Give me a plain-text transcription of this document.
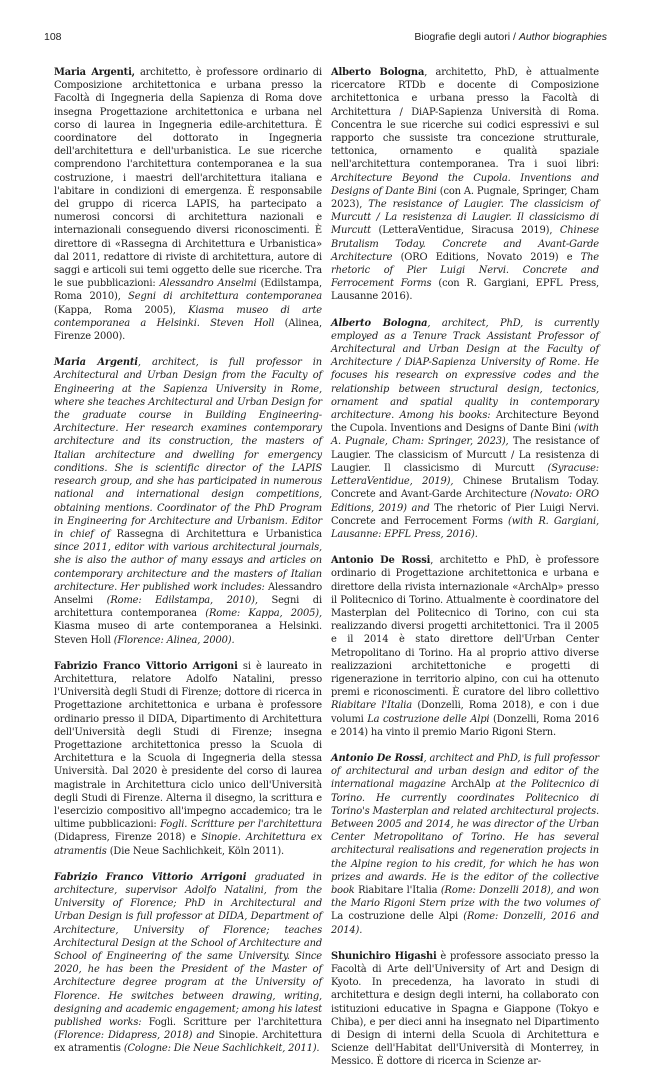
108	Biografie degli autori / Author biographies

Maria Argenti, architetto, è professore ordinario di Composizione architettonica e urbana presso la Facoltà di Ingegneria della Sapienza di Roma dove insegna Progettazione architettonica e urbana nel corso di laurea in Ingegneria edile-architettura. È coordinatore del dottorato in Ingegneria dell'architettura e dell'urbanistica. Le sue ricerche comprendono l'architettura contemporanea e la sua costruzione, i maestri dell'architettura italiana e l'abitare in condizioni di emergenza. È responsabile del gruppo di ricerca LAPIS, ha partecipato a numerosi concorsi di architettura nazionali e internazionali conseguendo diversi riconoscimenti. È direttore di «Rassegna di Architettura e Urbanistica» dal 2011, redattore di riviste di architettura, autore di saggi e articoli sui temi oggetto delle sue ricerche. Tra le sue pubblicazioni: Alessandro Anselmi (Edilstampa, Roma 2010), Segni di architettura contemporanea (Kappa, Roma 2005), Kiasma museo di arte contemporanea a Helsinki. Steven Holl (Alinea, Firenze 2000).

Maria Argenti, architect, is full professor in Architectural and Urban Design from the Faculty of Engineering at the Sapienza University in Rome, where she teaches Architectural and Urban Design for the graduate course in Building Engineering-Architecture. Her research examines contemporary architecture and its construction, the masters of Italian architecture and dwelling for emergency conditions. She is scientific director of the LAPIS research group, and she has participated in numerous national and international design competitions, obtaining mentions. Coordinator of the PhD Program in Engineering for Architecture and Urbanism. Editor in chief of Rassegna di Architettura e Urbanistica since 2011, editor with various architectural journals, she is also the author of many essays and articles on contemporary architecture and the masters of Italian architecture. Her published work includes: Alessandro Anselmi (Rome: Edilstampa, 2010), Segni di architettura contemporanea (Rome: Kappa, 2005), Kiasma museo di arte contemporanea a Helsinki. Steven Holl (Florence: Alinea, 2000).

Fabrizio Franco Vittorio Arrigoni si è laureato in Architettura, relatore Adolfo Natalini, presso l'Università degli Studi di Firenze; dottore di ricerca in Progettazione architettonica e urbana è professore ordinario presso il DIDA, Dipartimento di Architettura dell'Università degli Studi di Firenze; insegna Progettazione architettonica presso la Scuola di Architettura e la Scuola di Ingegneria della stessa Università. Dal 2020 è presidente del corso di laurea magistrale in Architettura ciclo unico dell'Università degli Studi di Firenze. Alterna il disegno, la scrittura e l'esercizio compositivo all'impegno accademico; tra le ultime pubblicazioni: Fogli. Scritture per l'architettura (Didapress, Firenze 2018) e Sinopie. Architettura ex atramentis (Die Neue Sachlichkeit, Köln 2011).

Fabrizio Franco Vittorio Arrigoni graduated in architecture, supervisor Adolfo Natalini, from the University of Florence; PhD in Architectural and Urban Design is full professor at DIDA, Department of Architecture, University of Florence; teaches Architectural Design at the School of Architecture and School of Engineering of the same University. Since 2020, he has been the President of the Master of Architecture degree program at the University of Florence. He switches between drawing, writing, designing and academic engagement; among his latest published works: Fogli. Scritture per l'architettura (Florence: Didapress, 2018) and Sinopie. Architettura ex atramentis (Cologne: Die Neue Sachlichkeit, 2011).

Alberto Bologna, architetto, PhD, è attualmente ricercatore RTDb e docente di Composizione architettonica e urbana presso la Facoltà di Architettura / DiAP-Sapienza Università di Roma. Concentra le sue ricerche sui codici espressivi e sul rapporto che sussiste tra concezione strutturale, tettonica, ornamento e qualità spaziale nell'architettura contemporanea. Tra i suoi libri: Architecture Beyond the Cupola. Inventions and Designs of Dante Bini (con A. Pugnale, Springer, Cham 2023), The resistance of Laugier. The classicism of Murcutt / La resistenza di Laugier. Il classicismo di Murcutt (LetteraVentidue, Siracusa 2019), Chinese Brutalism Today. Concrete and Avant-Garde Architecture (ORO Editions, Novato 2019) e The rhetoric of Pier Luigi Nervi. Concrete and Ferrocement Forms (con R. Gargiani, EPFL Press, Lausanne 2016).

Alberto Bologna, architect, PhD, is currently employed as a Tenure Track Assistant Professor of Architectural and Urban Design at the Faculty of Architecture / DiAP-Sapienza University of Rome. He focuses his research on expressive codes and the relationship between structural design, tectonics, ornament and spatial quality in contemporary architecture. Among his books: Architecture Beyond the Cupola. Inventions and Designs of Dante Bini (with A. Pugnale, Cham: Springer, 2023), The resistance of Laugier. The classicism of Murcutt / La resistenza di Laugier. Il classicismo di Murcutt (Syracuse: LetteraVentidue, 2019), Chinese Brutalism Today. Concrete and Avant-Garde Architecture (Novato: ORO Editions, 2019) and The rhetoric of Pier Luigi Nervi. Concrete and Ferrocement Forms (with R. Gargiani, Lausanne: EPFL Press, 2016).

Antonio De Rossi, architetto e PhD, è professore ordinario di Progettazione architettonica e urbana e direttore della rivista internazionale «ArchAlp» presso il Politecnico di Torino. Attualmente è coordinatore del Masterplan del Politecnico di Torino, con cui sta realizzando diversi progetti architettonici. Tra il 2005 e il 2014 è stato direttore dell'Urban Center Metropolitano di Torino. Ha al proprio attivo diverse realizzazioni architettoniche e progetti di rigenerazione in territorio alpino, con cui ha ottenuto premi e riconoscimenti. È curatore del libro collettivo Riabitare l'Italia (Donzelli, Roma 2018), e con i due volumi La costruzione delle Alpi (Donzelli, Roma 2016 e 2014) ha vinto il premio Mario Rigoni Stern.

Antonio De Rossi, architect and PhD, is full professor of architectural and urban design and editor of the international magazine ArchAlp at the Politecnico di Torino. He currently coordinates Politecnico di Torino's Masterplan and related architectural projects. Between 2005 and 2014, he was director of the Urban Center Metropolitano of Torino. He has several architectural realisations and regeneration projects in the Alpine region to his credit, for which he has won prizes and awards. He is the editor of the collective book Riabitare l'Italia (Rome: Donzelli 2018), and won the Mario Rigoni Stern prize with the two volumes of La costruzione delle Alpi (Rome: Donzelli, 2016 and 2014).

Shunichiro Higashi è professore associato presso la Facoltà di Arte dell'University of Art and Design di Kyoto. In precedenza, ha lavorato in studi di architettura e design degli interni, ha collaborato con istituzioni educative in Spagna e Giappone (Tokyo e Chiba), e per dieci anni ha insegnato nel Dipartimento di Design di interni della Scuola di Architettura e Scienze dell'Habitat dell'Università di Monterrey, in Messico. È dottore di ricerca in Scienze ar-
